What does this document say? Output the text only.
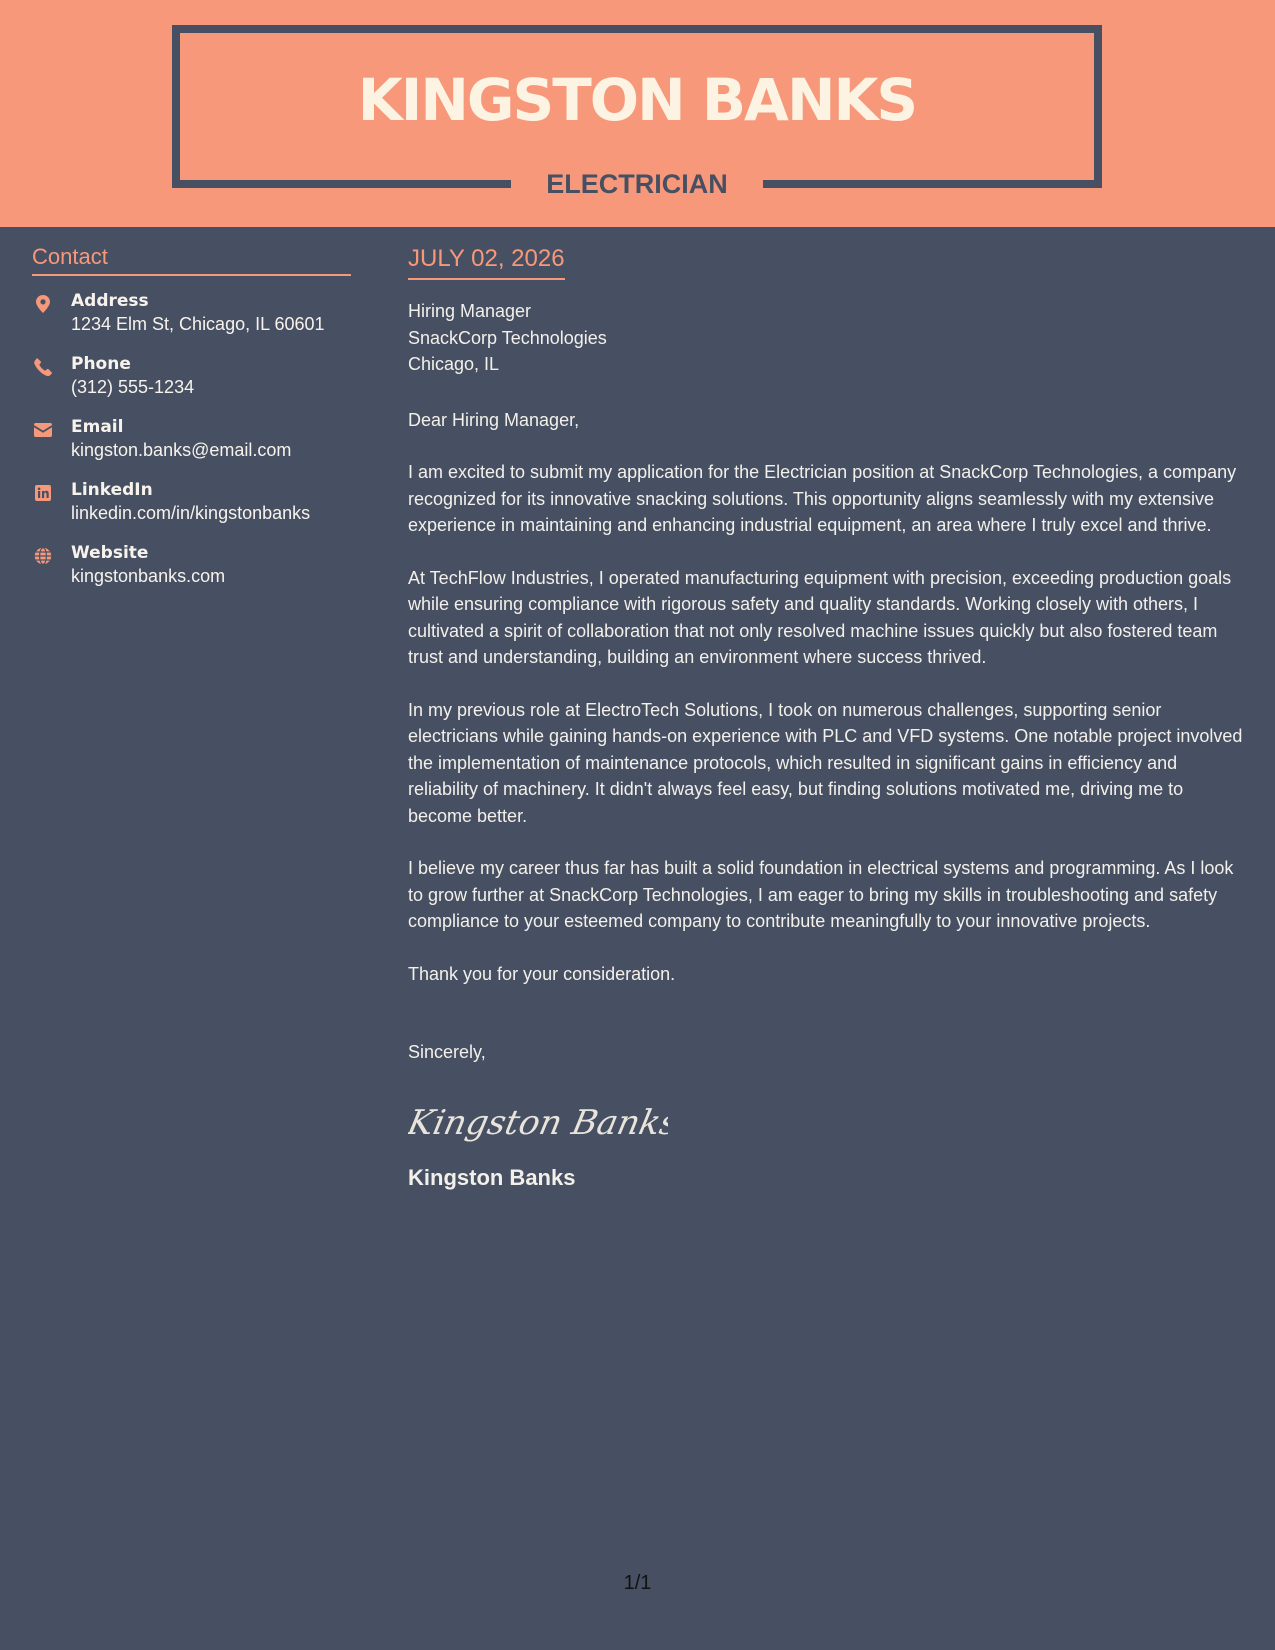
KINGSTON BANKS
ELECTRICIAN
Contact
Address
1234 Elm St, Chicago, IL 60601
Phone
(312) 555-1234
Email
kingston.banks@email.com
LinkedIn
linkedin.com/in/kingstonbanks
Website
kingstonbanks.com
JULY 02, 2026
Hiring Manager
SnackCorp Technologies
Chicago, IL
Dear Hiring Manager,
I am excited to submit my application for the Electrician position at SnackCorp Technologies, a company recognized for its innovative snacking solutions. This opportunity aligns seamlessly with my extensive experience in maintaining and enhancing industrial equipment, an area where I truly excel and thrive.
At TechFlow Industries, I operated manufacturing equipment with precision, exceeding production goals while ensuring compliance with rigorous safety and quality standards. Working closely with others, I cultivated a spirit of collaboration that not only resolved machine issues quickly but also fostered team trust and understanding, building an environment where success thrived.
In my previous role at ElectroTech Solutions, I took on numerous challenges, supporting senior electricians while gaining hands-on experience with PLC and VFD systems. One notable project involved the implementation of maintenance protocols, which resulted in significant gains in efficiency and reliability of machinery. It didn't always feel easy, but finding solutions motivated me, driving me to become better.
I believe my career thus far has built a solid foundation in electrical systems and programming. As I look to grow further at SnackCorp Technologies, I am eager to bring my skills in troubleshooting and safety compliance to your esteemed company to contribute meaningfully to your innovative projects.
Thank you for your consideration.
Sincerely,
Kingston Banks
Kingston Banks
1/1
